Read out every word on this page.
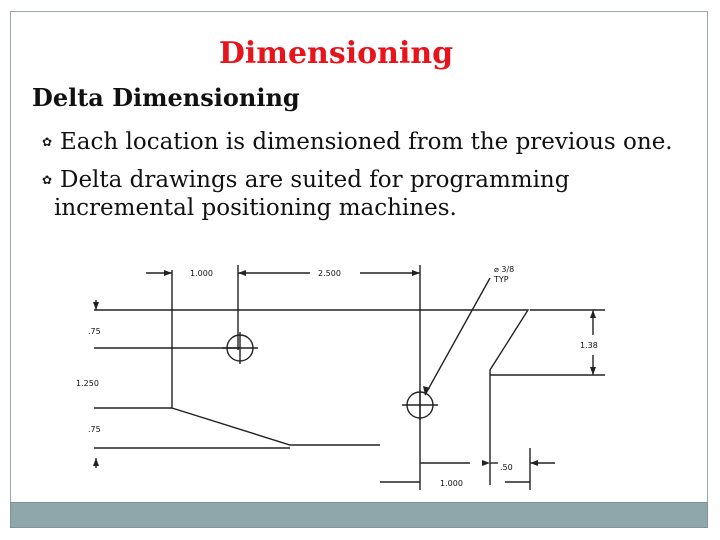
Dimensioning
Delta Dimensioning
✿ Each location is dimensioned from the previous one.
✿ Delta drawings are suited for programming
incremental positioning machines.
1.000	2.500	⌀ 3/8
TYP
.75
1.250
.75
1.38
.50
1.000
